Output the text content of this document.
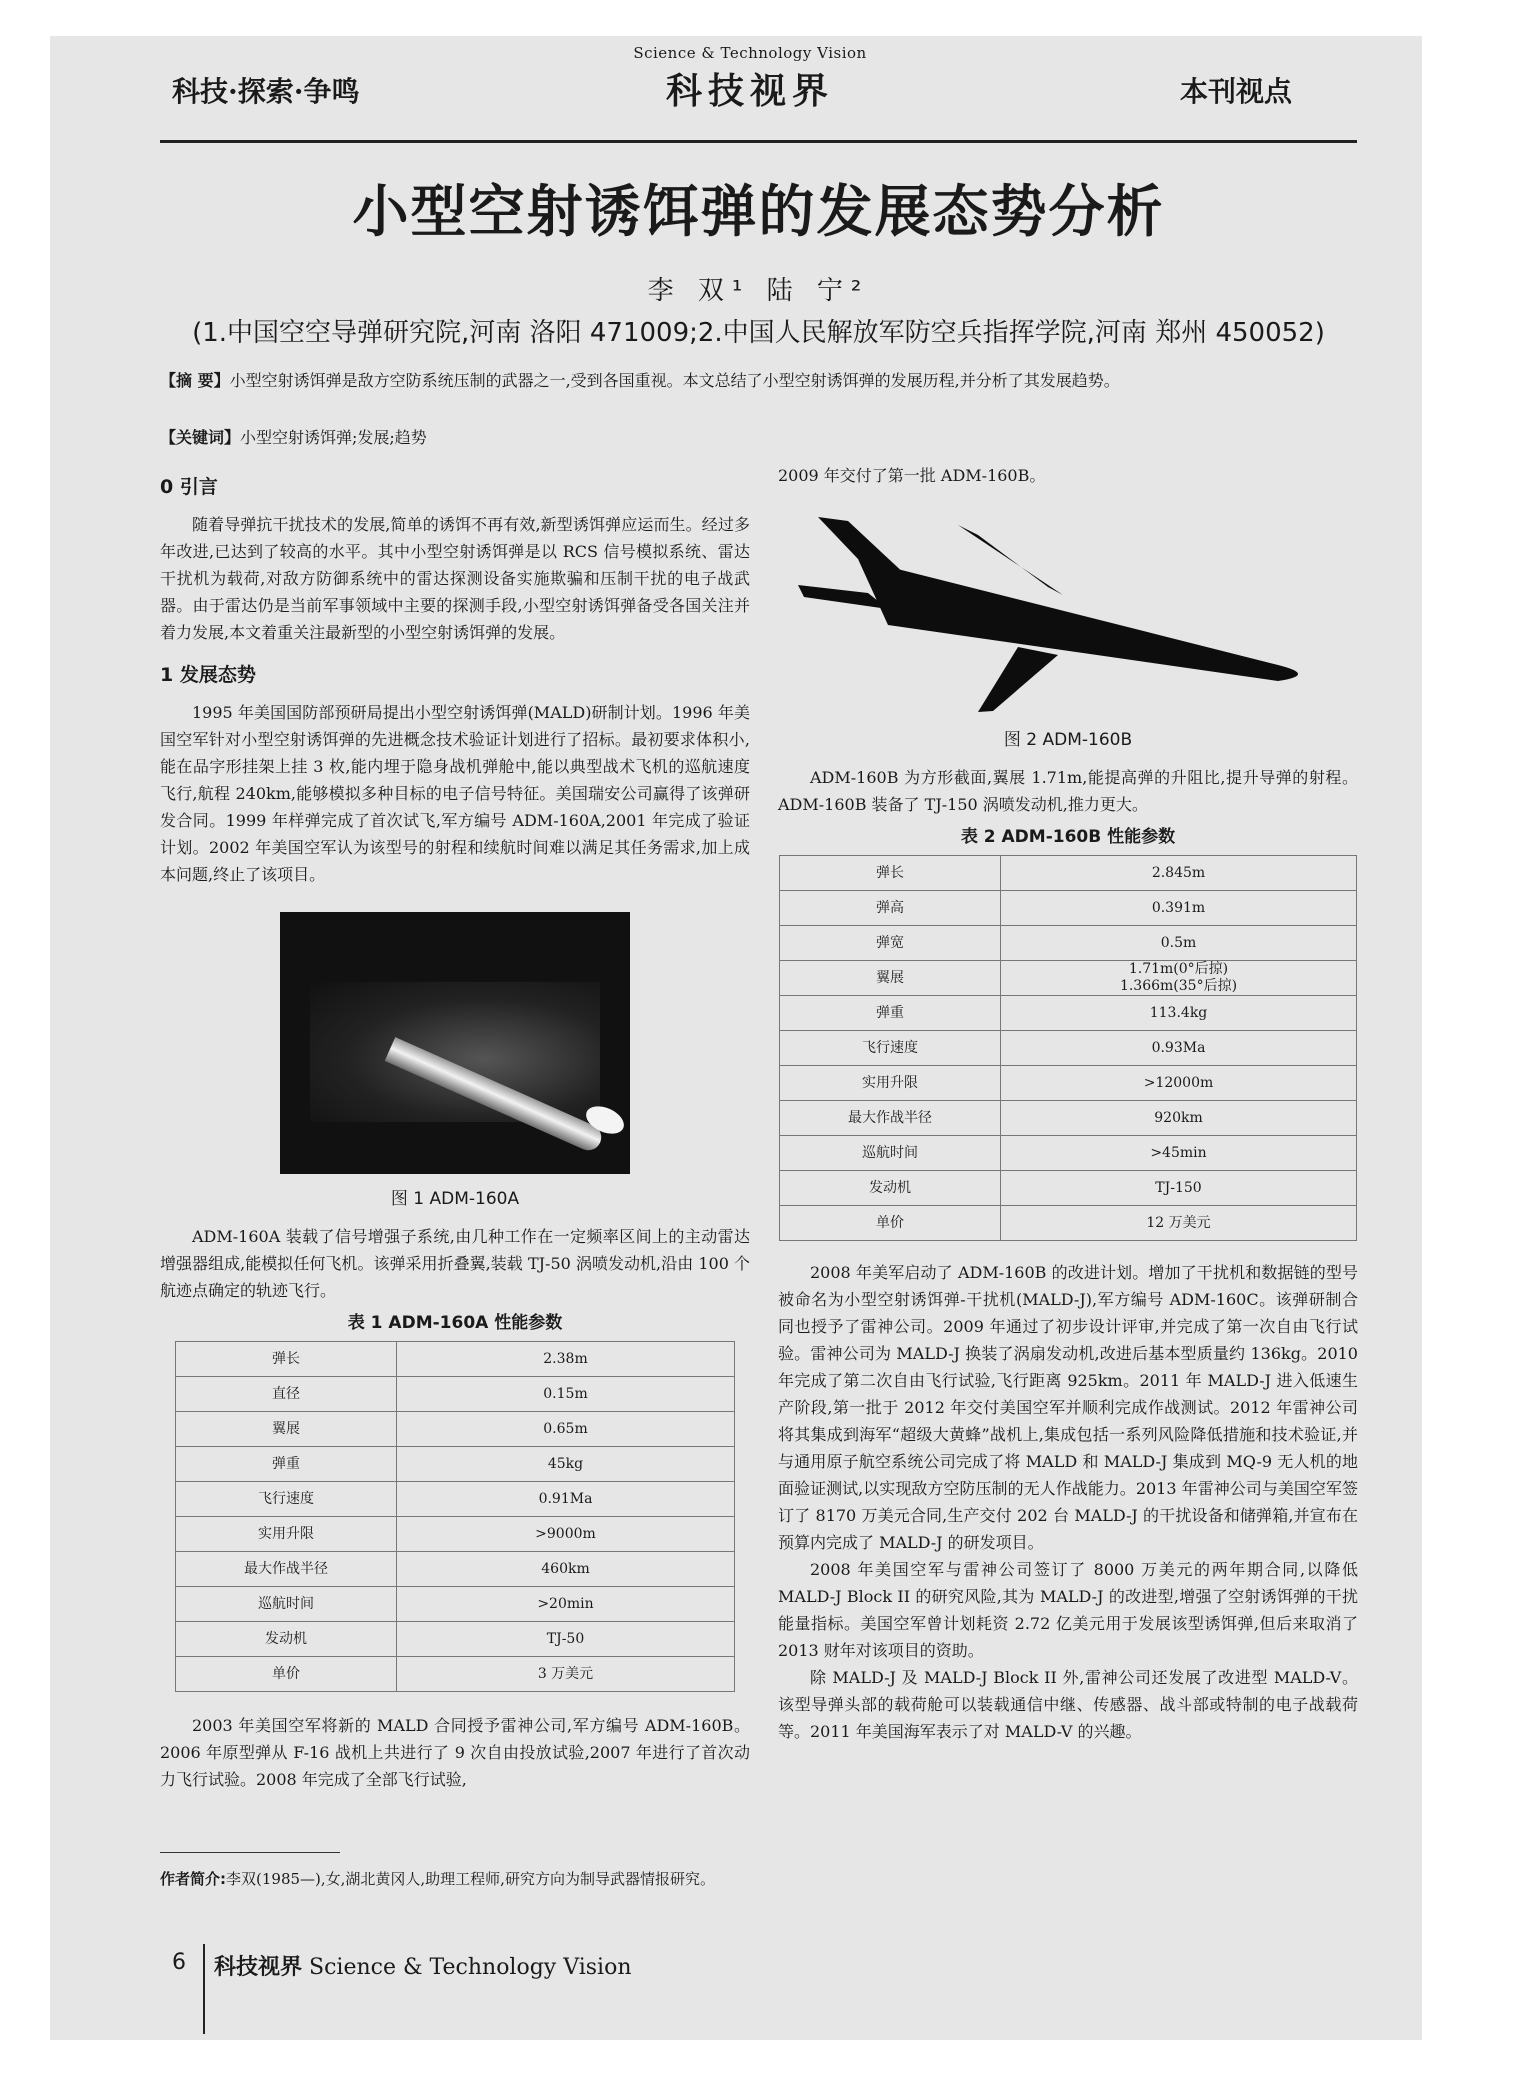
Science & Technology Vision
科技·探索·争鸣	科技视界	本刊视点
小型空射诱饵弹的发展态势分析
李 双¹ 陆 宁²
(1.中国空空导弹研究院,河南 洛阳 471009;2.中国人民解放军防空兵指挥学院,河南 郑州 450052)
【摘 要】小型空射诱饵弹是敌方空防系统压制的武器之一,受到各国重视。本文总结了小型空射诱饵弹的发展历程,并分析了其发展趋势。
【关键词】小型空射诱饵弹;发展;趋势
0 引言

随着导弹抗干扰技术的发展,简单的诱饵不再有效,新型诱饵弹应运而生。经过多年改进,已达到了较高的水平。其中小型空射诱饵弹是以 RCS 信号模拟系统、雷达干扰机为载荷,对敌方防御系统中的雷达探测设备实施欺骗和压制干扰的电子战武器。由于雷达仍是当前军事领域中主要的探测手段,小型空射诱饵弹备受各国关注并着力发展,本文着重关注最新型的小型空射诱饵弹的发展。

1 发展态势

1995 年美国国防部预研局提出小型空射诱饵弹(MALD)研制计划。1996 年美国空军针对小型空射诱饵弹的先进概念技术验证计划进行了招标。最初要求体积小,能在品字形挂架上挂 3 枚,能内埋于隐身战机弹舱中,能以典型战术飞机的巡航速度飞行,航程 240km,能够模拟多种目标的电子信号特征。美国瑞安公司赢得了该弹研发合同。1999 年样弹完成了首次试飞,军方编号 ADM-160A,2001 年完成了验证计划。2002 年美国空军认为该型号的射程和续航时间难以满足其任务需求,加上成本问题,终止了该项目。

图 1 ADM-160A

ADM-160A 装载了信号增强子系统,由几种工作在一定频率区间上的主动雷达增强器组成,能模拟任何飞机。该弹采用折叠翼,装载 TJ-50 涡喷发动机,沿由 100 个航迹点确定的轨迹飞行。

表 1 ADM-160A 性能参数
弹长	2.38m
直径	0.15m
翼展	0.65m
弹重	45kg
飞行速度	0.91Ma
实用升限	>9000m
最大作战半径	460km
巡航时间	>20min
发动机	TJ-50
单价	3 万美元

2003 年美国空军将新的 MALD 合同授予雷神公司,军方编号 ADM-160B。2006 年原型弹从 F-16 战机上共进行了 9 次自由投放试验,2007 年进行了首次动力飞行试验。2008 年完成了全部飞行试验,

2009 年交付了第一批 ADM-160B。

图 2 ADM-160B

ADM-160B 为方形截面,翼展 1.71m,能提高弹的升阻比,提升导弹的射程。ADM-160B 装备了 TJ-150 涡喷发动机,推力更大。

表 2 ADM-160B 性能参数
弹长	2.845m
弹高	0.391m
弹宽	0.5m
翼展	1.71m(0°后掠)
1.366m(35°后掠)
弹重	113.4kg
飞行速度	0.93Ma
实用升限	>12000m
最大作战半径	920km
巡航时间	>45min
发动机	TJ-150
单价	12 万美元

2008 年美军启动了 ADM-160B 的改进计划。增加了干扰机和数据链的型号被命名为小型空射诱饵弹-干扰机(MALD-J),军方编号 ADM-160C。该弹研制合同也授予了雷神公司。2009 年通过了初步设计评审,并完成了第一次自由飞行试验。雷神公司为 MALD-J 换装了涡扇发动机,改进后基本型质量约 136kg。2010 年完成了第二次自由飞行试验,飞行距离 925km。2011 年 MALD-J 进入低速生产阶段,第一批于 2012 年交付美国空军并顺利完成作战测试。2012 年雷神公司将其集成到海军“超级大黄蜂”战机上,集成包括一系列风险降低措施和技术验证,并与通用原子航空系统公司完成了将 MALD 和 MALD-J 集成到 MQ-9 无人机的地面验证测试,以实现敌方空防压制的无人作战能力。2013 年雷神公司与美国空军签订了 8170 万美元合同,生产交付 202 台 MALD-J 的干扰设备和储弹箱,并宣布在预算内完成了 MALD-J 的研发项目。

2008 年美国空军与雷神公司签订了 8000 万美元的两年期合同,以降低 MALD-J Block II 的研究风险,其为 MALD-J 的改进型,增强了空射诱饵弹的干扰能量指标。美国空军曾计划耗资 2.72 亿美元用于发展该型诱饵弹,但后来取消了 2013 财年对该项目的资助。

除 MALD-J 及 MALD-J Block II 外,雷神公司还发展了改进型 MALD-V。该型导弹头部的载荷舱可以装载通信中继、传感器、战斗部或特制的电子战载荷等。2011 年美国海军表示了对 MALD-V 的兴趣。

作者简介:李双(1985—),女,湖北黄冈人,助理工程师,研究方向为制导武器情报研究。
6 科技视界 Science & Technology Vision
